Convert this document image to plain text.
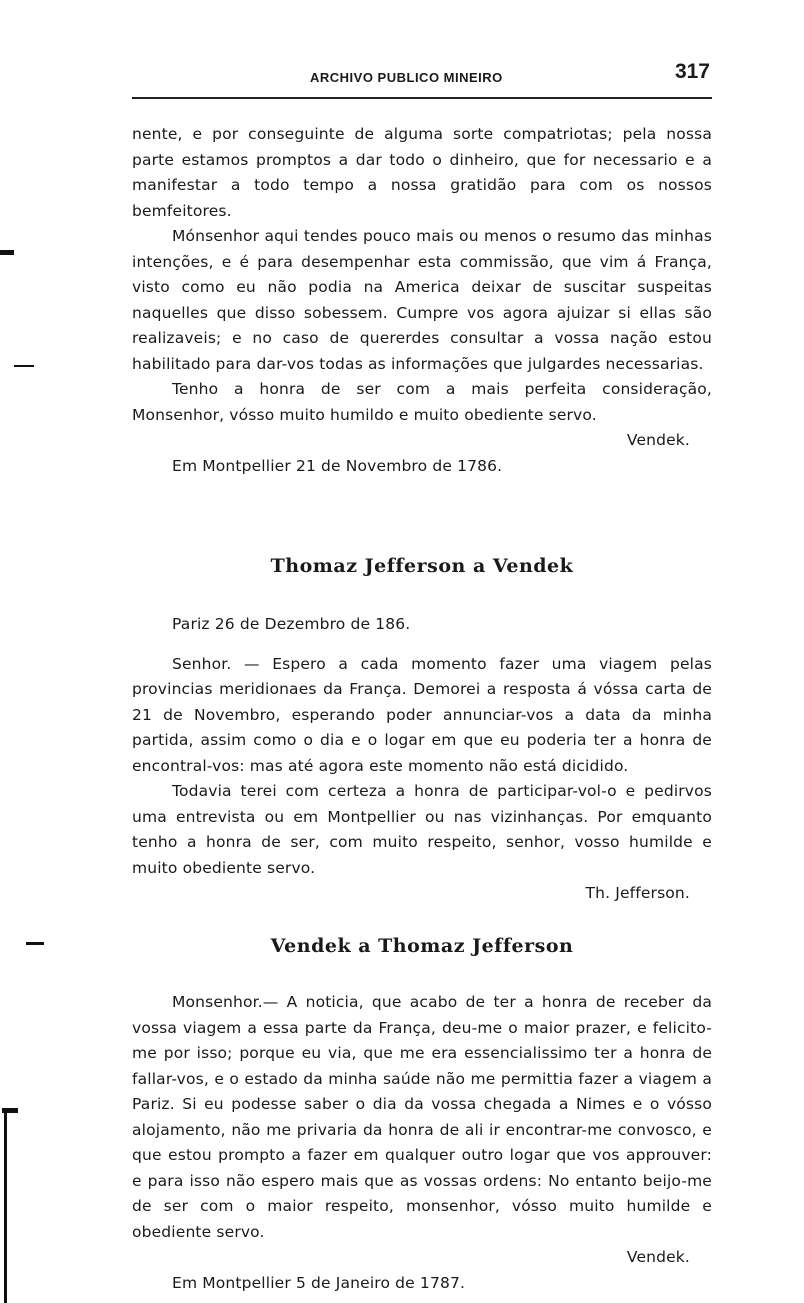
ARCHIVO PUBLICO MINEIRO	317

nente, e por conseguinte de alguma sorte compatriotas; pela nossa parte estamos promptos a dar todo o dinheiro, que for necessario e a manifestar a todo tempo a nossa gratidão para com os nossos bemfeitores.

Mónsenhor aqui tendes pouco mais ou menos o resumo das minhas intenções, e é para desempenhar esta commissão, que vim á França, visto como eu não podia na America deixar de suscitar suspeitas naquelles que disso sobessem. Cumpre vos agora ajuizar si ellas são realizaveis; e no caso de quererdes consultar a vossa nação estou habilitado para dar-vos todas as informações que julgardes necessarias.

Tenho a honra de ser com a mais perfeita consideração, Monsenhor, vósso muito humildo e muito obediente servo.

Vendek.

Em Montpellier 21 de Novembro de 1786.

Thomaz Jefferson a Vendek

Pariz 26 de Dezembro de 186.

Senhor. — Espero a cada momento fazer uma viagem pelas provincias meridionaes da França. Demorei a resposta á vóssa carta de 21 de Novembro, esperando poder annunciar-vos a data da minha partida, assim como o dia e o logar em que eu poderia ter a honra de encontral-vos: mas até agora este momento não está dicidido.

Todavia terei com certeza a honra de participar-vol-o e pedirvos uma entrevista ou em Montpellier ou nas vizinhanças. Por emquanto tenho a honra de ser, com muito respeito, senhor, vosso humilde e muito obediente servo.

Th. Jefferson.

Vendek a Thomaz Jefferson

Monsenhor.— A noticia, que acabo de ter a honra de receber da vossa viagem a essa parte da França, deu-me o maior prazer, e felicito-me por isso; porque eu via, que me era essencialissimo ter a honra de fallar-vos, e o estado da minha saúde não me permittia fazer a viagem a Pariz. Si eu podesse saber o dia da vossa chegada a Nimes e o vósso alojamento, não me privaria da honra de ali ir encontrar-me convosco, e que estou prompto a fazer em qualquer outro logar que vos approuver: e para isso não espero mais que as vossas ordens: No entanto beijo-me de ser com o maior respeito, monsenhor, vósso muito humilde e obediente servo.

Vendek.

Em Montpellier 5 de Janeiro de 1787.
